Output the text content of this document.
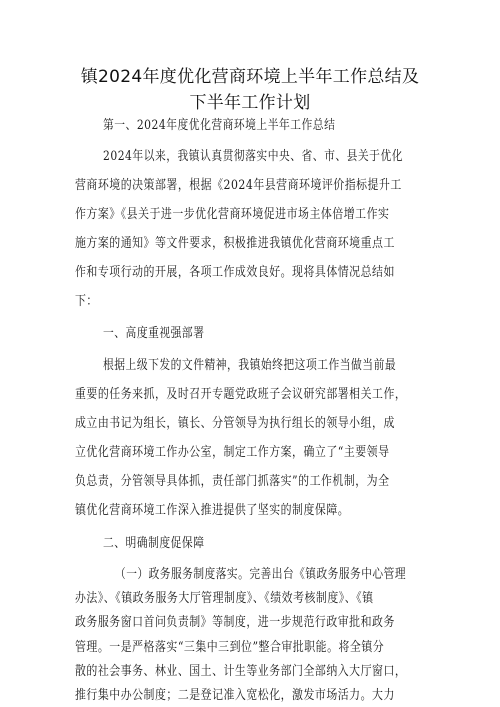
镇2024年度优化营商环境上半年工作总结及
下半年工作计划
第一、2024年度优化营商环境上半年工作总结
2024年以来，我镇认真贯彻落实中央、省、市、县关于优化
营商环境的决策部署，根据《2024年县营商环境评价指标提升工
作方案》《县关于进一步优化营商环境促进市场主体倍增工作实
施方案的通知》等文件要求，积极推进我镇优化营商环境重点工
作和专项行动的开展，各项工作成效良好。现将具体情况总结如
下：
一、高度重视强部署
根据上级下发的文件精神，我镇始终把这项工作当做当前最
重要的任务来抓，及时召开专题党政班子会议研究部署相关工作，
成立由书记为组长，镇长、分管领导为执行组长的领导小组，成
立优化营商环境工作办公室，制定工作方案，确立了“主要领导
负总责，分管领导具体抓，责任部门抓落实”的工作机制，为全
镇优化营商环境工作深入推进提供了坚实的制度保障。
二、明确制度促保障
（一）政务服务制度落实。完善出台《镇政务服务中心管理
办法》、《镇政务服务大厅管理制度》、《绩效考核制度》、《镇
政务服务窗口首问负责制》等制度，进一步规范行政审批和政务
管理。一是严格落实“三集中三到位”整合审批职能。将全镇分
散的社会事务、林业、国土、计生等业务部门全部纳入大厅窗口，
推行集中办公制度；二是登记准入宽松化，激发市场活力。大力
